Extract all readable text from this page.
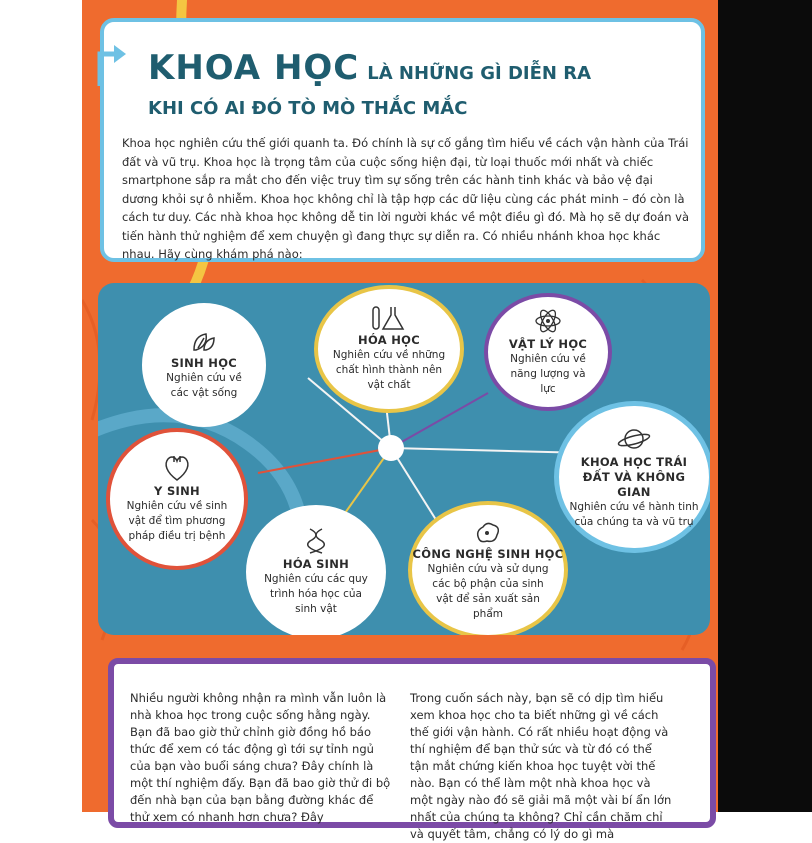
KHOA HỌC LÀ NHỮNG GÌ DIỄN RA
KHI CÓ AI ĐÓ TÒ MÒ THẮC MẮC
Khoa học nghiên cứu thế giới quanh ta. Đó chính là sự cố gắng tìm hiểu về cách vận hành của Trái đất và vũ trụ. Khoa học là trọng tâm của cuộc sống hiện đại, từ loại thuốc mới nhất và chiếc smartphone sắp ra mắt cho đến việc truy tìm sự sống trên các hành tinh khác và bảo vệ đại dương khỏi sự ô nhiễm. Khoa học không chỉ là tập hợp các dữ liệu cùng các phát minh – đó còn là cách tư duy. Các nhà khoa học không dễ tin lời người khác về một điều gì đó. Mà họ sẽ dự đoán và tiến hành thử nghiệm để xem chuyện gì đang thực sự diễn ra. Có nhiều nhánh khoa học khác nhau. Hãy cùng khám phá nào:
SINH HỌC
Nghiên cứu về các vật sống
HÓA HỌC
Nghiên cứu về những chất hình thành nên vật chất
VẬT LÝ HỌC
Nghiên cứu về năng lượng và lực
KHOA HỌC TRÁI ĐẤT VÀ KHÔNG GIAN
Nghiên cứu về hành tinh của chúng ta và vũ trụ
Y SINH
Nghiên cứu về sinh vật để tìm phương pháp điều trị bệnh
HÓA SINH
Nghiên cứu các quy trình hóa học của sinh vật
CÔNG NGHỆ SINH HỌC
Nghiên cứu và sử dụng các bộ phận của sinh vật để sản xuất sản phẩm
Nhiều người không nhận ra mình vẫn luôn là nhà khoa học trong cuộc sống hằng ngày. Bạn đã bao giờ thử chỉnh giờ đồng hồ báo thức để xem có tác động gì tới sự tỉnh ngủ của bạn vào buổi sáng chưa? Đây chính là một thí nghiệm đấy. Bạn đã bao giờ thử đi bộ đến nhà bạn của bạn bằng đường khác để thử xem có nhanh hơn chưa? Đây
Trong cuốn sách này, bạn sẽ có dịp tìm hiểu xem khoa học cho ta biết những gì về cách thế giới vận hành. Có rất nhiều hoạt động và thí nghiệm để bạn thử sức và từ đó có thể tận mắt chứng kiến khoa học tuyệt vời thế nào. Bạn có thể làm một nhà khoa học và một ngày nào đó sẽ giải mã một vài bí ẩn lớn nhất của chúng ta không? Chỉ cần chăm chỉ và quyết tâm, chẳng có lý do gì mà
